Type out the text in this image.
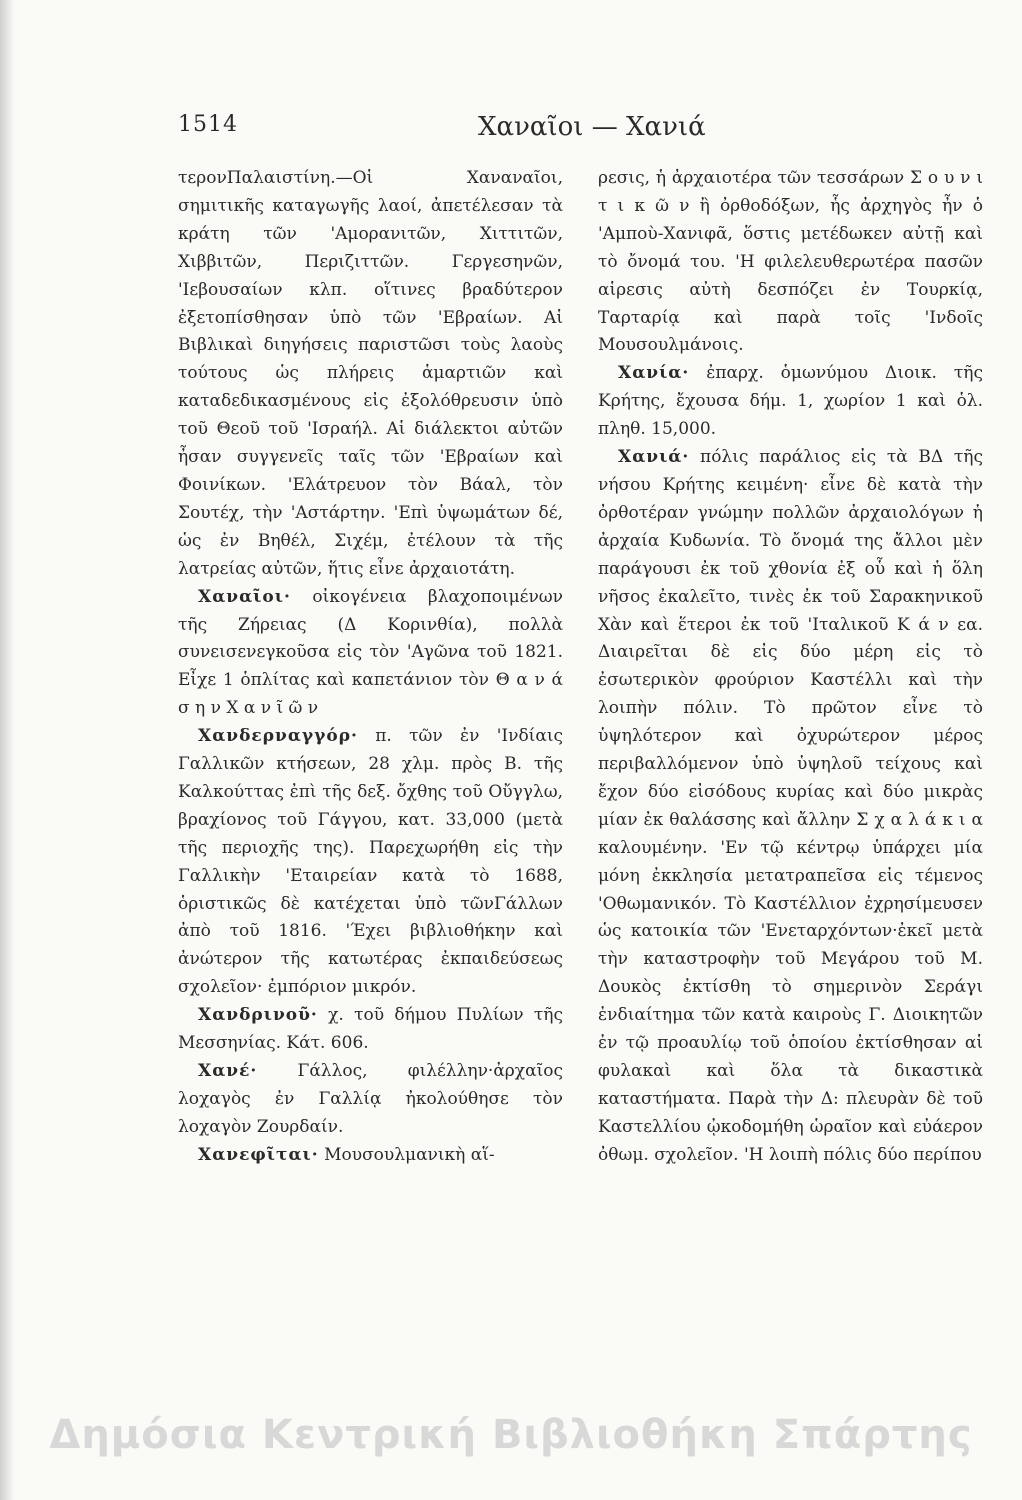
1514	Χαναῖοι — Χανιά

τερονΠαλαιστίνη.—Οἱ Χαναναῖοι, σημιτικῆς καταγωγῆς λαοί, ἀπετέλεσαν τὰ κράτη τῶν 'Αμορανιτῶν, Χιττιτῶν, Χιββιτῶν, Περιζιττῶν. Γεργεσηνῶν, 'Ιεβουσαίων κλπ. οἵτινες βραδύτερον ἐξετοπίσθησαν ὑπὸ τῶν 'Εβραίων. Αἱ Βιβλικαὶ διηγήσεις παριστῶσι τοὺς λαοὺς τούτους ὡς πλήρεις ἁμαρτιῶν καὶ καταδεδικασμένους εἰς ἐξολόθρευσιν ὑπὸ τοῦ Θεοῦ τοῦ 'Ισραήλ. Αἱ διάλεκτοι αὐτῶν ἦσαν συγγενεῖς ταῖς τῶν 'Εβραίων καὶ Φοινίκων. 'Ελάτρευον τὸν Βάαλ, τὸν Σουτέχ, τὴν 'Αστάρτην. 'Επὶ ὑψωμάτων δέ, ὡς ἐν Βηθέλ, Σιχέμ, ἐτέλουν τὰ τῆς λατρείας αὐτῶν, ἥτις εἶνε ἀρχαιοτάτη.

Χαναῖοι· οἰκογένεια βλαχοποιμένων τῆς Ζήρειας (Δ Κορινθία), πολλὰ συνεισενεγκοῦσα εἰς τὸν 'Αγῶνα τοῦ 1821. Εἶχε 1 ὁπλίτας καὶ καπετάνιον τὸν Θ α ν ά σ η ν Χ α ν ῖ ῶ ν

Χανδερναγγόρ· π. τῶν ἐν 'Ινδίαις Γαλλικῶν κτήσεων, 28 χλμ. πρὸς Β. τῆς Καλκούττας ἐπὶ τῆς δεξ. ὄχθης τοῦ Οὔγγλω, βραχίονος τοῦ Γάγγου, κατ. 33,000 (μετὰ τῆς περιοχῆς της). Παρεχωρήθη εἰς τὴν Γαλλικὴν 'Εταιρείαν κατὰ τὸ 1688, ὁριστικῶς δὲ κατέχεται ὑπὸ τῶνΓάλλων ἀπὸ τοῦ 1816. 'Έχει βιβλιοθήκην καὶ ἀνώτερον τῆς κατωτέρας ἐκπαιδεύσεως σχολεῖον· ἐμπόριον μικρόν.

Χανδρινοῦ· χ. τοῦ δήμου Πυλίων τῆς Μεσσηνίας. Κάτ. 606.

Χανέ· Γάλλος, φιλέλλην·ἀρχαῖος λοχαγὸς ἐν Γαλλίᾳ ἠκολούθησε τὸν λοχαγὸν Ζουρδαίν.

Χανεφῖται· Μουσουλμανικὴ αἵ-

ρεσις, ἡ ἀρχαιοτέρα τῶν τεσσάρων Σ ο υ ν ι τ ι κ ῶ ν ἢ ὀρθοδόξων, ἧς ἀρχηγὸς ἦν ὁ 'Αμποὺ-Χανιφᾶ, ὅστις μετέδωκεν αὐτῇ καὶ τὸ ὄνομά του. 'Η φιλελευθερωτέρα πασῶν αἱρεσις αὐτὴ δεσπόζει ἐν Τουρκίᾳ, Ταρταρίᾳ καὶ παρὰ τοῖς 'Ινδοῖς Μουσουλμάνοις.

Χανία· ἐπαρχ. ὁμωνύμου Διοικ. τῆς Κρήτης, ἔχουσα δήμ. 1, χωρίον 1 καὶ ὁλ. πληθ. 15,000.

Χανιά· πόλις παράλιος εἰς τὰ ΒΔ τῆς νήσου Κρήτης κειμένη· εἶνε δὲ κατὰ τὴν ὀρθοτέραν γνώμην πολλῶν ἀρχαιολόγων ἡ ἀρχαία Κυδωνία. Τὸ ὄνομά της ἄλλοι μὲν παράγουσι ἐκ τοῦ χθονία ἐξ οὗ καὶ ἡ ὅλη νῆσος ἐκαλεῖτο, τινὲς ἐκ τοῦ Σαρακηνικοῦ Χὰν καὶ ἕτεροι ἐκ τοῦ 'Ιταλικοῦ Κ ά ν εα. Διαιρεῖται δὲ εἰς δύο μέρη εἰς τὸ ἐσωτερικὸν φρούριον Καστέλλι καὶ τὴν λοιπὴν πόλιν. Τὸ πρῶτον εἶνε τὸ ὑψηλότερον καὶ ὀχυρώτερον μέρος περιβαλλόμενον ὑπὸ ὑψηλοῦ τείχους καὶ ἔχον δύο εἰσόδους κυρίας καὶ δύο μικρὰς μίαν ἐκ θαλάσσης καὶ ἄλλην Σ χ α λ ά κ ι α καλουμένην. 'Εν τῷ κέντρῳ ὑπάρχει μία μόνη ἐκκλησία μετατραπεῖσα εἰς τέμενος 'Οθωμανικόν. Τὸ Καστέλλιον ἐχρησίμευσεν ὡς κατοικία τῶν 'Ενεταρχόντων·ἐκεῖ μετὰ τὴν καταστροφὴν τοῦ Μεγάρου τοῦ Μ. Δουκὸς ἐκτίσθη τὸ σημερινὸν Σεράγι ἐνδιαίτημα τῶν κατὰ καιροὺς Γ. Διοικητῶν ἐν τῷ προαυλίῳ τοῦ ὁποίου ἐκτίσθησαν αἱ φυλακαὶ καὶ ὅλα τὰ δικαστικὰ καταστήματα. Παρὰ τὴν Δ: πλευρὰν δὲ τοῦ Καστελλίου ᾠκοδομήθη ὡραῖον καὶ εὐάερον ὀθωμ. σχολεῖον. 'Η λοιπὴ πόλις δύο περίπου

Δημόσια Κεντρική Βιβλιοθήκη Σπάρτης
